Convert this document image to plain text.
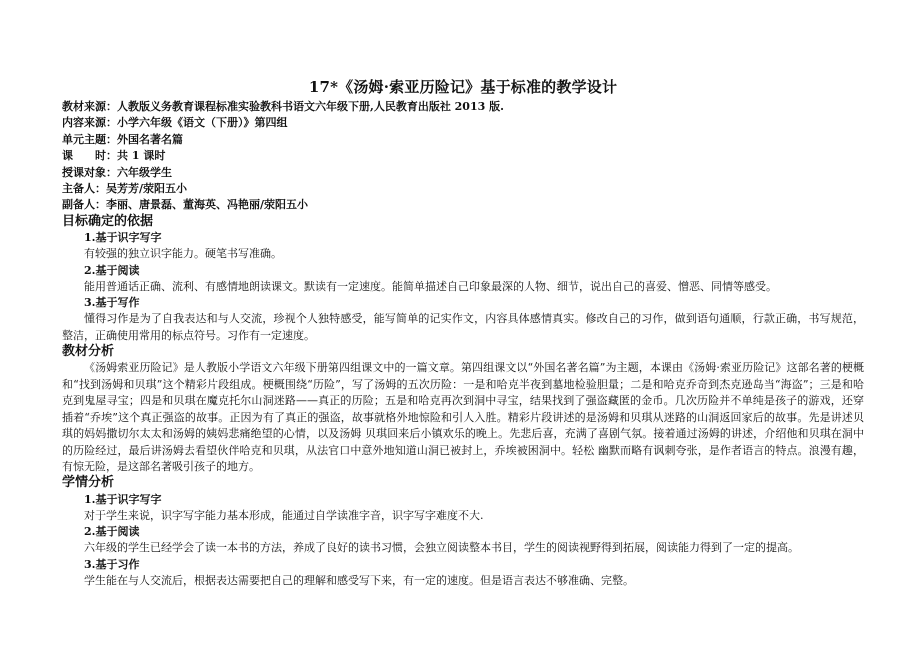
17*《汤姆·索亚历险记》基于标准的教学设计
教材来源：人教版义务教育课程标准实验教科书语文六年级下册,人民教育出版社 2013 版.
内容来源：小学六年级《语文（下册）》第四组
单元主题：外国名著名篇
课　　时：共 1 课时
授课对象：六年级学生
主备人：吴芳芳/荥阳五小
副备人：李丽、唐景磊、董海英、冯艳丽/荥阳五小
目标确定的依据
1.基于识字写字
有较强的独立识字能力。硬笔书写准确。
2.基于阅读
能用普通话正确、流利、有感情地朗读课文。默读有一定速度。能简单描述自己印象最深的人物、细节，说出自己的喜爱、憎恶、同情等感受。
3.基于写作
懂得习作是为了自我表达和与人交流，珍视个人独特感受，能写简单的记实作文，内容具体感情真实。修改自己的习作，做到语句通顺，行款正确，书写规范，整洁，正确使用常用的标点符号。习作有一定速度。
教材分析
《汤姆索亚历险记》是人教版小学语文六年级下册第四组课文中的一篇文章。第四组课文以“外国名著名篇”为主题，本课由《汤姆·索亚历险记》这部名著的梗概和“找到汤姆和贝琪”这个精彩片段组成。梗概围绕“历险”，写了汤姆的五次历险：一是和哈克半夜到墓地检验胆量；二是和哈克乔奇到杰克逊岛当“海盗”；三是和哈克到鬼屋寻宝；四是和贝琪在魔克托尔山洞迷路——真正的历险；五是和哈克再次到洞中寻宝，结果找到了强盗藏匿的金币。几次历险并不单纯是孩子的游戏，还穿插着“乔埃”这个真正强盗的故事。正因为有了真正的强盗，故事就格外地惊险和引人入胜。精彩片段讲述的是汤姆和贝琪从迷路的山洞返回家后的故事。先是讲述贝琪的妈妈撒切尔太太和汤姆的姨妈悲痛绝望的心情，以及汤姆 贝琪回来后小镇欢乐的晚上。先悲后喜，充满了喜剧气氛。接着通过汤姆的讲述，介绍他和贝琪在洞中的历险经过，最后讲汤姆去看望伙伴哈克和贝琪，从法官口中意外地知道山洞已被封上，乔埃被困洞中。轻松 幽默而略有讽刺夸张，是作者语言的特点。浪漫有趣，有惊无险，是这部名著吸引孩子的地方。
学情分析
1.基于识字写字
对于学生来说，识字写字能力基本形成，能通过自学读准字音，识字写字难度不大.
2.基于阅读
六年级的学生已经学会了读一本书的方法，养成了良好的读书习惯，会独立阅读整本书目，学生的阅读视野得到拓展，阅读能力得到了一定的提高。
3.基于习作
学生能在与人交流后，根据表达需要把自己的理解和感受写下来，有一定的速度。但是语言表达不够准确、完整。
